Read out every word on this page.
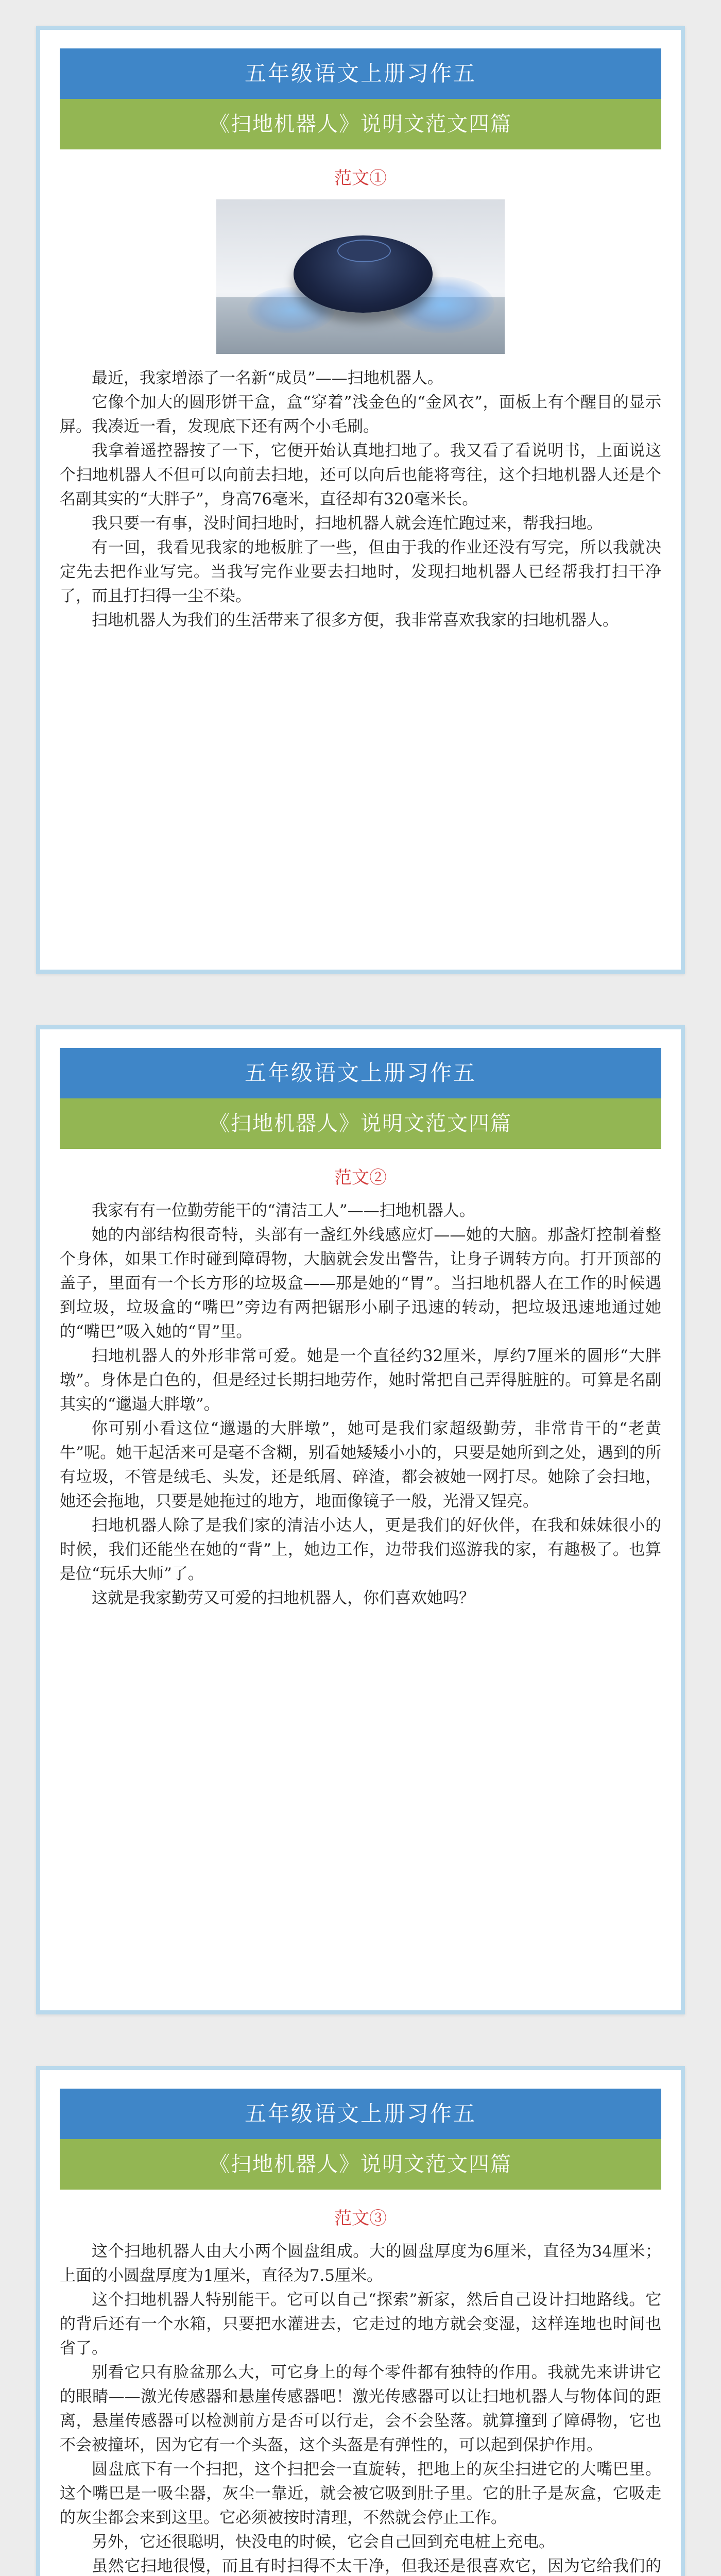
五年级语文上册习作五
《扫地机器人》说明文范文四篇
范文①

最近，我家增添了一名新“成员”——扫地机器人。

它像个加大的圆形饼干盒，盒“穿着”浅金色的“金风衣”，面板上有个醒目的显示屏。我凑近一看，发现底下还有两个小毛刷。

我拿着遥控器按了一下，它便开始认真地扫地了。我又看了看说明书，上面说这个扫地机器人不但可以向前去扫地，还可以向后也能将弯往，这个扫地机器人还是个名副其实的“大胖子”，身高76毫米，直径却有320毫米长。

我只要一有事，没时间扫地时，扫地机器人就会连忙跑过来，帮我扫地。

有一回，我看见我家的地板脏了一些，但由于我的作业还没有写完，所以我就决定先去把作业写完。当我写完作业要去扫地时，发现扫地机器人已经帮我打扫干净了，而且打扫得一尘不染。

扫地机器人为我们的生活带来了很多方便，我非常喜欢我家的扫地机器人。

五年级语文上册习作五
《扫地机器人》说明文范文四篇
范文②

我家有有一位勤劳能干的“清洁工人”——扫地机器人。

她的内部结构很奇特，头部有一盏红外线感应灯——她的大脑。那盏灯控制着整个身体，如果工作时碰到障碍物，大脑就会发出警告，让身子调转方向。打开顶部的盖子，里面有一个长方形的垃圾盒——那是她的“胃”。当扫地机器人在工作的时候遇到垃圾，垃圾盒的“嘴巴”旁边有两把锯形小刷子迅速的转动，把垃圾迅速地通过她的“嘴巴”吸入她的“胃”里。

扫地机器人的外形非常可爱。她是一个直径约32厘米，厚约7厘米的圆形“大胖墩”。身体是白色的，但是经过长期扫地劳作，她时常把自己弄得脏脏的。可算是名副其实的“邋遢大胖墩”。

你可别小看这位“邋遢的大胖墩”，她可是我们家超级勤劳，非常肯干的“老黄牛”呢。她干起活来可是毫不含糊，别看她矮矮小小的，只要是她所到之处，遇到的所有垃圾，不管是绒毛、头发，还是纸屑、碎渣，都会被她一网打尽。她除了会扫地，她还会拖地，只要是她拖过的地方，地面像镜子一般，光滑又锃亮。

扫地机器人除了是我们家的清洁小达人，更是我们的好伙伴，在我和妹妹很小的时候，我们还能坐在她的“背”上，她边工作，边带我们巡游我的家，有趣极了。也算是位“玩乐大师”了。

这就是我家勤劳又可爱的扫地机器人，你们喜欢她吗？

五年级语文上册习作五
《扫地机器人》说明文范文四篇
范文③

这个扫地机器人由大小两个圆盘组成。大的圆盘厚度为6厘米，直径为34厘米；上面的小圆盘厚度为1厘米，直径为7.5厘米。

这个扫地机器人特别能干。它可以自己“探索”新家，然后自己设计扫地路线。它的背后还有一个水箱，只要把水灌进去，它走过的地方就会变湿，这样连地也时间也省了。

别看它只有脸盆那么大，可它身上的每个零件都有独特的作用。我就先来讲讲它的眼睛——激光传感器和悬崖传感器吧！激光传感器可以让扫地机器人与物体间的距离，悬崖传感器可以检测前方是否可以行走，会不会坠落。就算撞到了障碍物，它也不会被撞坏，因为它有一个头盔，这个头盔是有弹性的，可以起到保护作用。

圆盘底下有一个扫把，这个扫把会一直旋转，把地上的灰尘扫进它的大嘴巴里。这个嘴巴是一吸尘器，灰尘一靠近，就会被它吸到肚子里。它的肚子是灰盒，它吸走的灰尘都会来到这里。它必须被按时清理，不然就会停止工作。

另外，它还很聪明，快没电的时候，它会自己回到充电桩上充电。

虽然它扫地很慢，而且有时扫得不太干净，但我还是很喜欢它，因为它给我们的
